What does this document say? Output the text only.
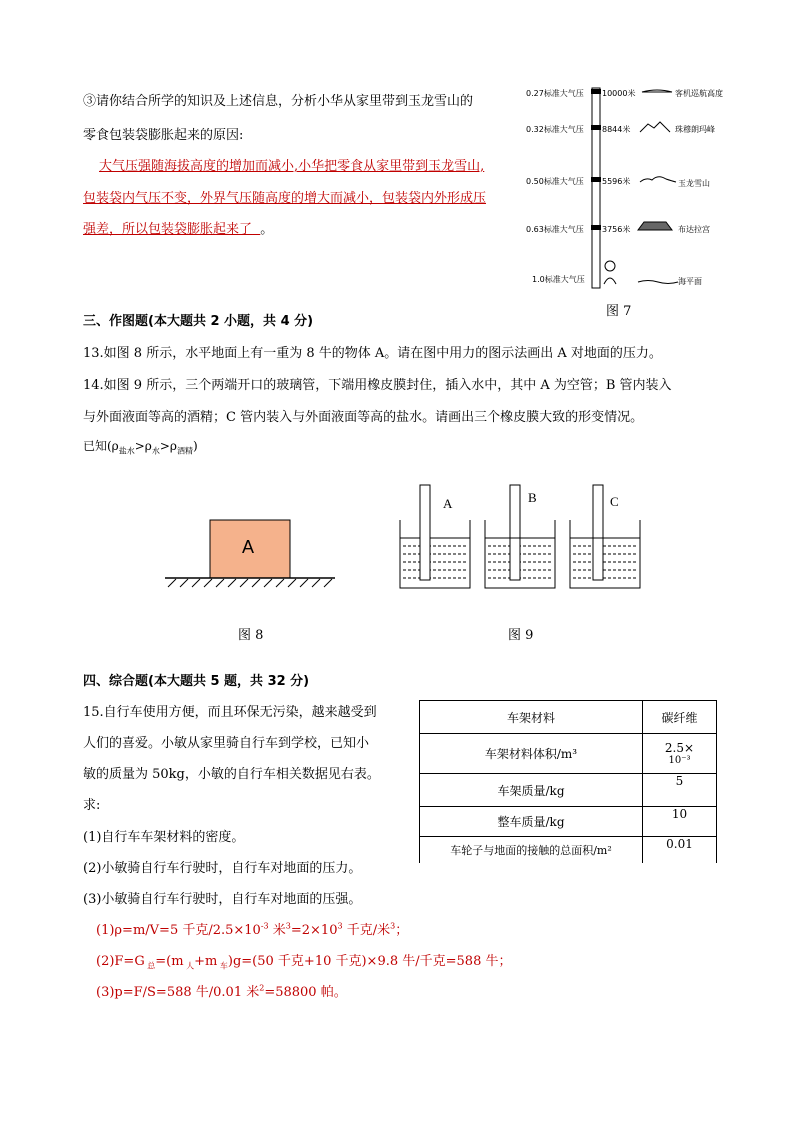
③请你结合所学的知识及上述信息，分析小华从家里带到玉龙雪山的
零食包装袋膨胀起来的原因:
大气压强随海拔高度的增加而减小,小华把零食从家里带到玉龙雪山,
包装袋内气压不变，外界气压随高度的增大而减小，包装袋内外形成压
强差，所以包装袋膨胀起来了 。
0.27标准大气压
0.32标准大气压
0.50标准大气压
0.63标准大气压
1.0标准大气压
10000米
8844米
5596米
3756米
客机巡航高度
珠穆朗玛峰
玉龙雪山
布达拉宫
海平面
图 7
三、作图题(本大题共 2 小题，共 4 分)
13.如图 8 所示，水平地面上有一重为 8 牛的物体 A。请在图中用力的图示法画出 A 对地面的压力。
14.如图 9 所示，三个两端开口的玻璃管，下端用橡皮膜封住，插入水中，其中 A 为空管；B 管内装入
与外面液面等高的酒精；C 管内装入与外面液面等高的盐水。请画出三个橡皮膜大致的形变情况。
已知$(\rho_{盐水}>\rho_水>\rho_{酒精})$
A
图 8
A	B	C
图 9
四、综合题(本大题共 5 题，共 32 分)
15.自行车使用方便，而且环保无污染，越来越受到
人们的喜爱。小敏从家里骑自行车到学校，已知小
敏的质量为 50kg，小敏的自行车相关数据见右表。
求:
(1)自行车车架材料的密度。
(2)小敏骑自行车行驶时，自行车对地面的压力。
(3)小敏骑自行车行驶时，自行车对地面的压强。
车架材料	碳纤维
车架材料体积/m³	2.5×
10⁻³

车架质量/kg	5
整车质量/kg	10
车轮子与地面的接触的总面积/m²	0.01
(1)ρ=m/V=5 千克$/2.5\times 10^{-3}$ 米$^3=2\times 10^3$ 千克/米$^3$；
(2)F=G $_总$=(m $_人$+m $_车$)g=(50 千克+10 千克)×9.8 牛/千克=588 牛；
(3)p=F/S=588 牛/0.01 米$^2$=58800 帕。
